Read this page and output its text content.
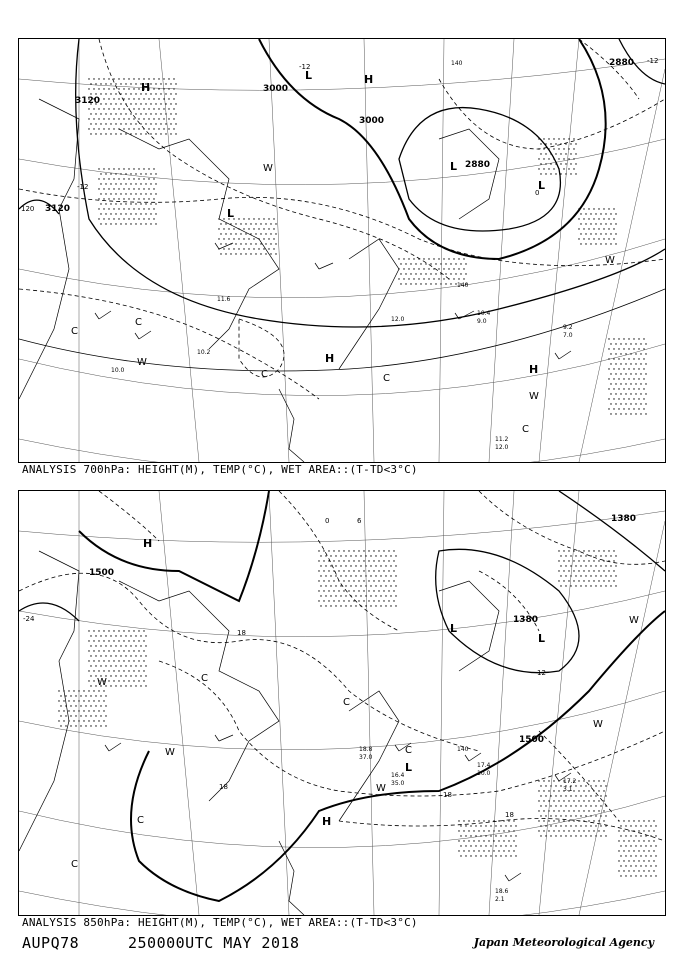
3000
3000
3120
3120
2880
2880
-12
-12
-12
0
120
H
H
H
H
L
L
L
L
C
C
C	C
C
W
W
W
W
140
140
10.4
9.0
9.2
7.0
11.2
12.0
10.2
10.0
11.6
12.0
ANALYSIS 700hPa: HEIGHT(M), TEMP(°C), WET AREA::(T-TD<3°C)
1500
1500
1380
1380
-24
18
18
18
18
12
6
0
H
H
L
L
L
C
C
C
C
C
W
W
W
W
W
140
17.2
3.1
18.6
2.1
17.4
10.0
16.4
35.0
18.8
37.0
ANALYSIS 850hPa: HEIGHT(M), TEMP(°C), WET AREA::(T-TD<3°C)
AUPQ78	250000UTC MAY 2018	Japan Meteorological Agency
